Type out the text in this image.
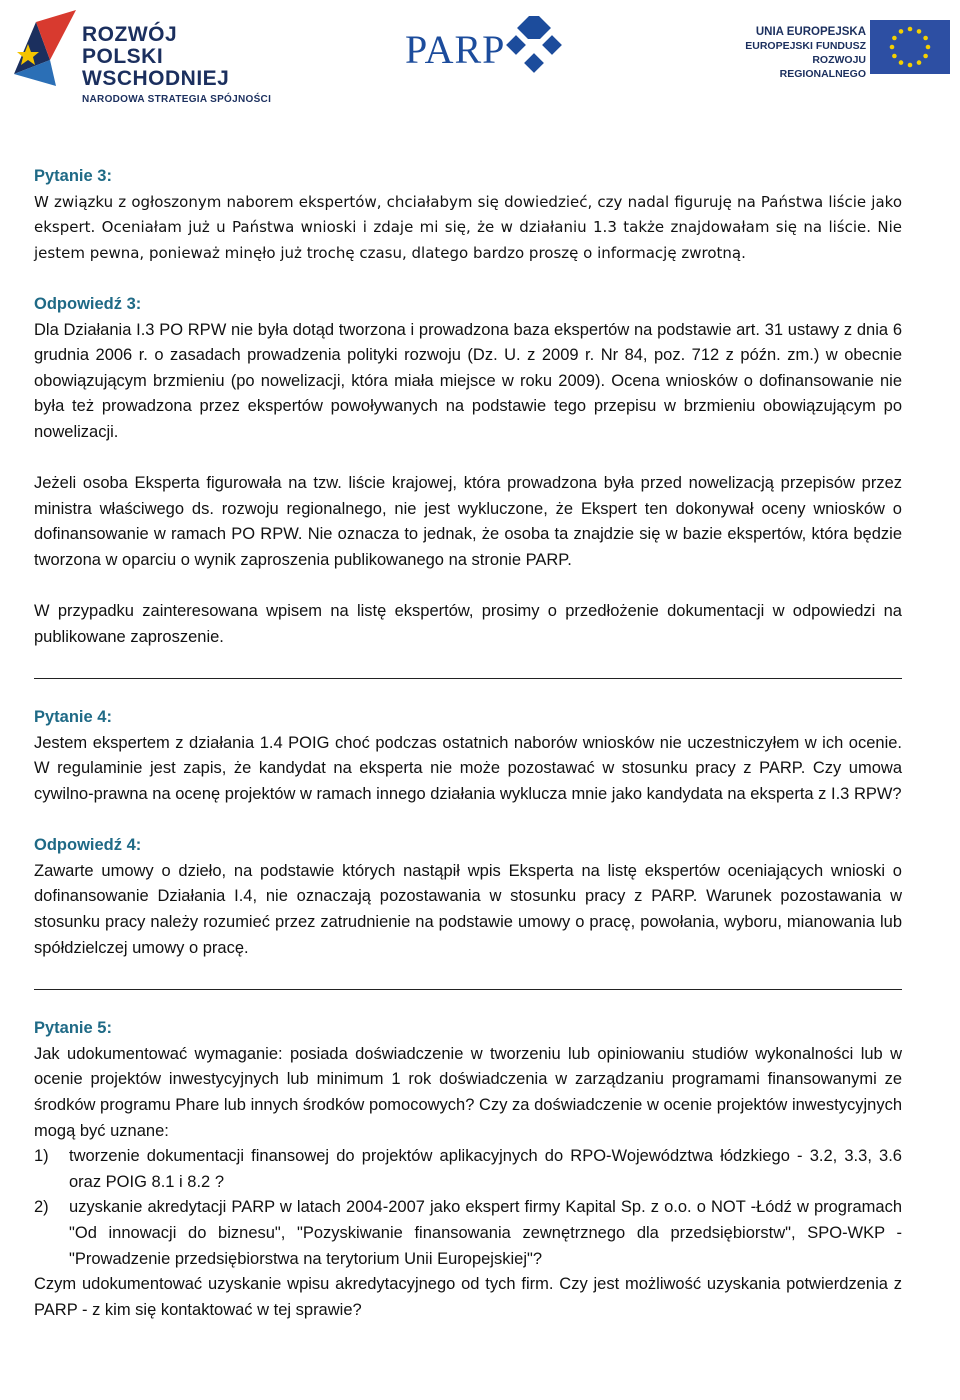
ROZWÓJ
POLSKI WSCHODNIEJ
NARODOWA STRATEGIA SPÓJNOŚCI
PARP	UNIA EUROPEJSKA
EUROPEJSKI FUNDUSZ
ROZWOJU REGIONALNEGO

Pytanie 3:

W związku z ogłoszonym naborem ekspertów, chciałabym się dowiedzieć, czy nadal figuruję na Państwa liście jako ekspert. Oceniałam już u Państwa wnioski i zdaje mi się, że w działaniu 1.3 także znajdowałam się na liście. Nie jestem pewna, ponieważ minęło już trochę czasu, dlatego bardzo proszę o informację zwrotną.

Odpowiedź 3:

Dla Działania I.3 PO RPW nie była dotąd tworzona i prowadzona baza ekspertów na podstawie art. 31 ustawy z dnia 6 grudnia 2006 r. o zasadach prowadzenia polityki rozwoju (Dz. U. z 2009 r. Nr 84, poz. 712 z późn. zm.) w obecnie obowiązującym brzmieniu (po nowelizacji, która miała miejsce w roku 2009). Ocena wniosków o dofinansowanie nie była też prowadzona przez ekspertów powoływanych na podstawie tego przepisu w brzmieniu obowiązującym po nowelizacji.

Jeżeli osoba Eksperta figurowała na tzw. liście krajowej, która prowadzona była przed nowelizacją przepisów przez ministra właściwego ds. rozwoju regionalnego, nie jest wykluczone, że Ekspert ten dokonywał oceny wniosków o dofinansowanie w ramach PO RPW. Nie oznacza to jednak, że osoba ta znajdzie się w bazie ekspertów, która będzie tworzona w oparciu o wynik zaproszenia publikowanego na stronie PARP.

W przypadku zainteresowana wpisem na listę ekspertów, prosimy o przedłożenie dokumentacji w odpowiedzi na publikowane zaproszenie.

Pytanie 4:

Jestem ekspertem z działania 1.4 POIG choć podczas ostatnich naborów wniosków nie uczestniczyłem w ich ocenie. W regulaminie jest zapis, że kandydat na eksperta nie może pozostawać w stosunku pracy z PARP. Czy umowa cywilno-prawna na ocenę projektów w ramach innego działania wyklucza mnie jako kandydata na eksperta z I.3 RPW?

Odpowiedź 4:

Zawarte umowy o dzieło, na podstawie których nastąpił wpis Eksperta na listę ekspertów oceniających wnioski o dofinansowanie Działania I.4, nie oznaczają pozostawania w stosunku pracy z PARP. Warunek pozostawania w stosunku pracy należy rozumieć przez zatrudnienie na podstawie umowy o pracę, powołania, wyboru, mianowania lub spółdzielczej umowy o pracę.

Pytanie 5:

Jak udokumentować wymaganie: posiada doświadczenie w tworzeniu lub opiniowaniu studiów wykonalności lub w ocenie projektów inwestycyjnych lub minimum 1 rok doświadczenia w zarządzaniu programami finansowanymi ze środków programu Phare lub innych środków pomocowych? Czy za doświadczenie w ocenie projektów inwestycyjnych mogą być uznane:

1) tworzenie dokumentacji finansowej do projektów aplikacyjnych do RPO-Województwa łódzkiego - 3.2, 3.3, 3.6 oraz POIG 8.1 i 8.2 ?
2) uzyskanie akredytacji PARP w latach 2004-2007 jako ekspert firmy Kapital Sp. z o.o. o NOT -Łódź w programach "Od innowacji do biznesu", "Pozyskiwanie finansowania zewnętrznego dla przedsiębiorstw", SPO-WKP - "Prowadzenie przedsiębiorstwa na terytorium Unii Europejskiej"?

Czym udokumentować uzyskanie wpisu akredytacyjnego od tych firm. Czy jest możliwość uzyskania potwierdzenia z PARP - z kim się kontaktować w tej sprawie?
